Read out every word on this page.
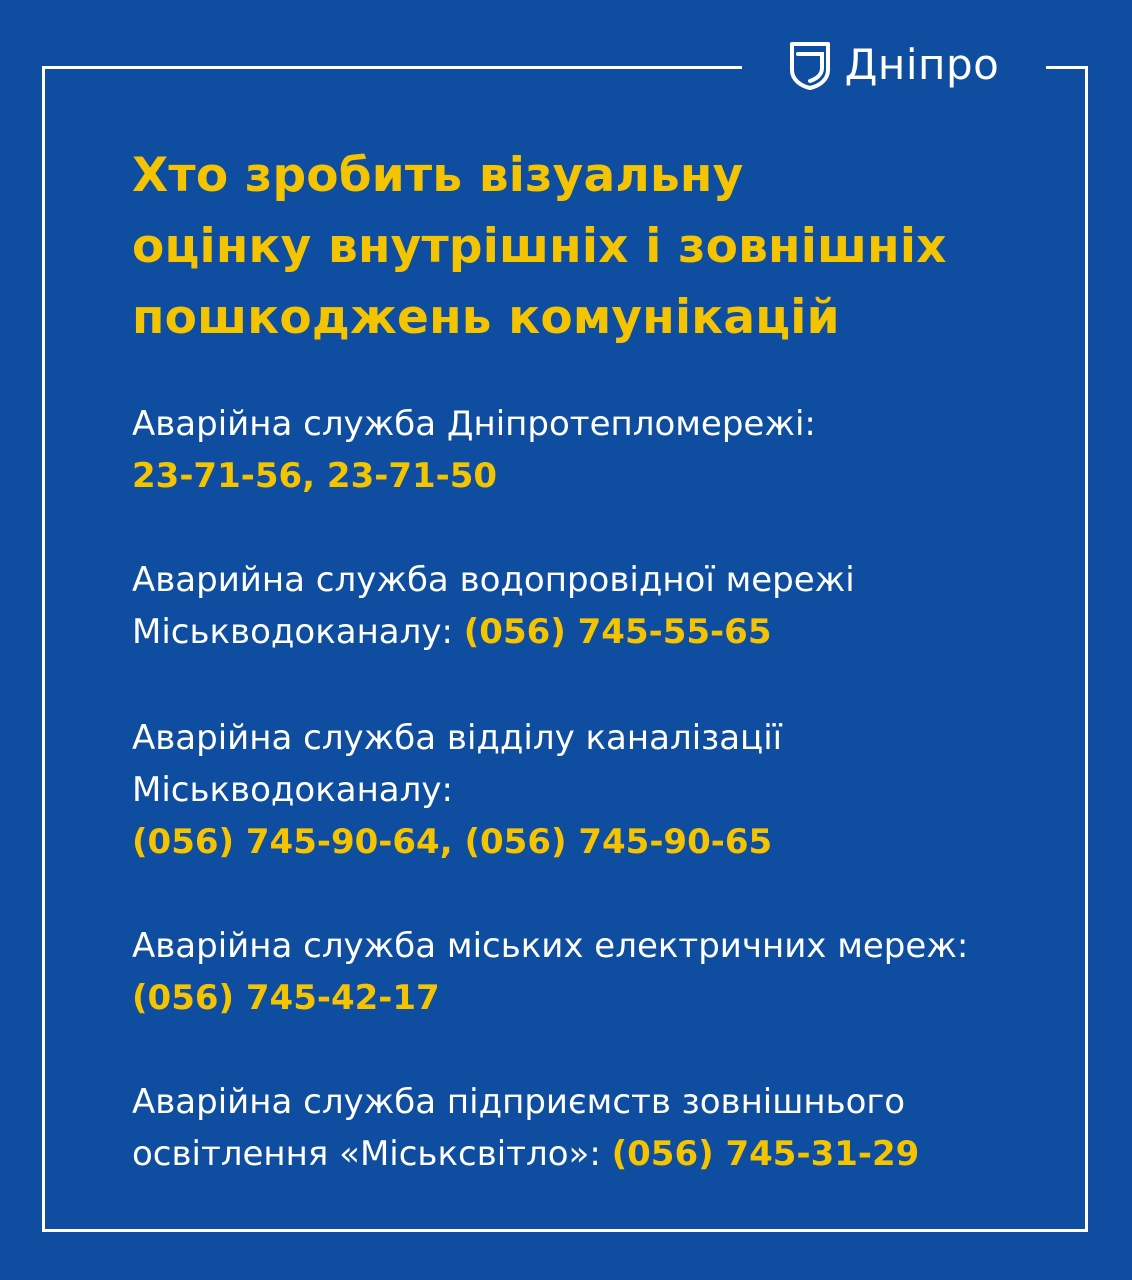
Дніпро
Хто зробить візуальну
оцінку внутрішніх і зовнішніх
пошкоджень комунікацій
Аварійна служба Дніпротепломережі:
23-71-56, 23-71-50
Аварийна служба водопровідної мережі
Міськводоканалу: (056) 745-55-65
Аварійна служба відділу каналізації
Міськводоканалу:
(056) 745-90-64, (056) 745-90-65
Аварійна служба міських електричних мереж:
(056) 745-42-17
Аварійна служба підприємств зовнішнього
освітлення «Міськсвітло»: (056) 745-31-29
